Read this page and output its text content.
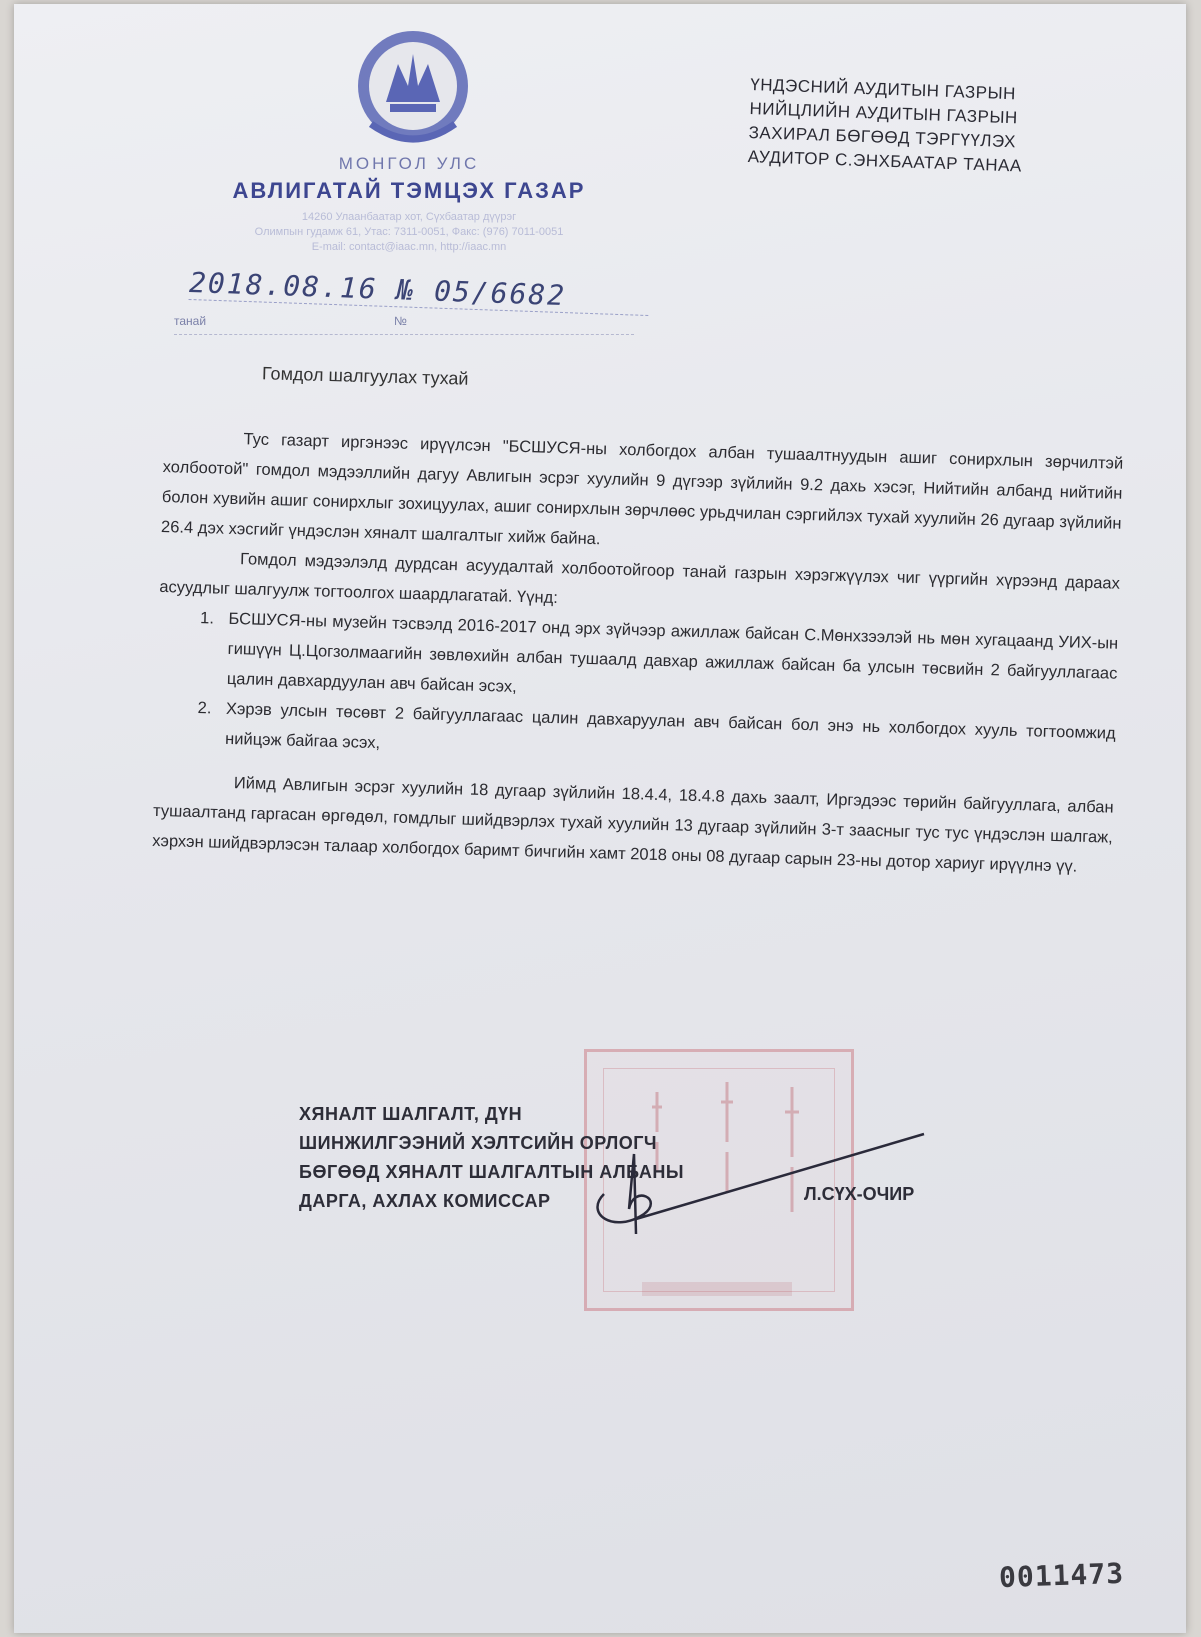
МОНГОЛ УЛС
АВЛИГАТАЙ ТЭМЦЭХ ГАЗАР
14260 Улаанбаатар хот, Сүхбаатар дүүрэг
Олимпын гудамж 61, Утас: 7311-0051, Факс: (976) 7011-0051
E-mail: contact@iaac.mn, http://iaac.mn
2018.08.16 № 05/6682
танай	№
ҮНДЭСНИЙ АУДИТЫН ГАЗРЫН
НИЙЦЛИЙН АУДИТЫН ГАЗРЫН
ЗАХИРАЛ БӨГӨӨД ТЭРГҮҮЛЭХ
АУДИТОР С.ЭНХБААТАР ТАНАА
Гомдол шалгуулах тухай

Тус газарт иргэнээс ирүүлсэн "БСШУСЯ-ны холбогдох албан тушаалтнуудын ашиг сонирхлын зөрчилтэй холбоотой" гомдол мэдээллийн дагуу Авлигын эсрэг хуулийн 9 дүгээр зүйлийн 9.2 дахь хэсэг, Нийтийн албанд нийтийн болон хувийн ашиг сонирхлыг зохицуулах, ашиг сонирхлын зөрчлөөс урьдчилан сэргийлэх тухай хуулийн 26 дугаар зүйлийн 26.4 дэх хэсгийг үндэслэн хяналт шалгалтыг хийж байна.

Гомдол мэдээлэлд дурдсан асуудалтай холбоотойгоор танай газрын хэрэгжүүлэх чиг үүргийн хүрээнд дараах асуудлыг шалгуулж тогтоолгох шаардлагатай. Үүнд:

1. БСШУСЯ-ны музейн тэсвэлд 2016-2017 онд эрх зүйчээр ажиллаж байсан С.Мөнхзээлэй нь мөн хугацаанд УИХ-ын гишүүн Ц.Цогзолмаагийн зөвлөхийн албан тушаалд давхар ажиллаж байсан ба улсын төсвийн 2 байгууллагаас цалин давхардуулан авч байсан эсэх,
2. Хэрэв улсын төсөвт 2 байгууллагаас цалин давхаруулан авч байсан бол энэ нь холбогдох хууль тогтоомжид нийцэж байгаа эсэх,

Иймд Авлигын эсрэг хуулийн 18 дугаар зүйлийн 18.4.4, 18.4.8 дахь заалт, Иргэдээс төрийн байгууллага, албан тушаалтанд гаргасан өргөдөл, гомдлыг шийдвэрлэх тухай хуулийн 13 дугаар зүйлийн 3-т заасныг тус тус үндэслэн шалгаж, хэрхэн шийдвэрлэсэн талаар холбогдох баримт бичгийн хамт 2018 оны 08 дугаар сарын 23-ны дотор хариуг ирүүлнэ үү.

ХЯНАЛТ ШАЛГАЛТ, ДҮН
ШИНЖИЛГЭЭНИЙ ХЭЛТСИЙН ОРЛОГЧ
БӨГӨӨД ХЯНАЛТ ШАЛГАЛТЫН АЛБАНЫ
ДАРГА, АХЛАХ КОМИССАР	Л.СҮХ-ОЧИР
0011473
